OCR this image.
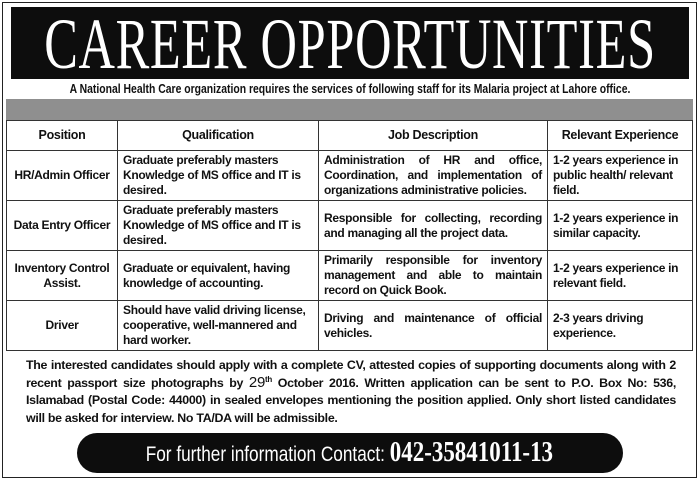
CAREER OPPORTUNITIES
A National Health Care organization requires the services of following staff for its Malaria project at Lahore office.
Position	Qualification	Job Description	Relevant Experience
HR/Admin Officer	Graduate preferably masters Knowledge of MS office and IT is desired.	Administration of HR and office, Coordination, and implementation of organizations administrative policies.	1-2 years experience in public health/ relevant field.
Data Entry Officer	Graduate preferably masters Knowledge of MS office and IT is desired.	Responsible for collecting, recording and managing all the project data.	1-2 years experience in similar capacity.
Inventory Control Assist.	Graduate or equivalent, having knowledge of accounting.	Primarily responsible for inventory management and able to maintain record on Quick Book.	1-2 years experience in relevant field.
Driver	Should have valid driving license, cooperative, well-mannered and hard worker.	Driving and maintenance of official vehicles.	2-3 years driving experience.
The interested candidates should apply with a complete CV, attested copies of supporting documents along with 2 recent passport size photographs by 29th October 2016. Written application can be sent to P.O. Box No: 536, Islamabad (Postal Code: 44000) in sealed envelopes mentioning the position applied. Only short listed candidates will be asked for interview. No TA/DA will be admissible.
For further information Contact: 042-35841011-13
